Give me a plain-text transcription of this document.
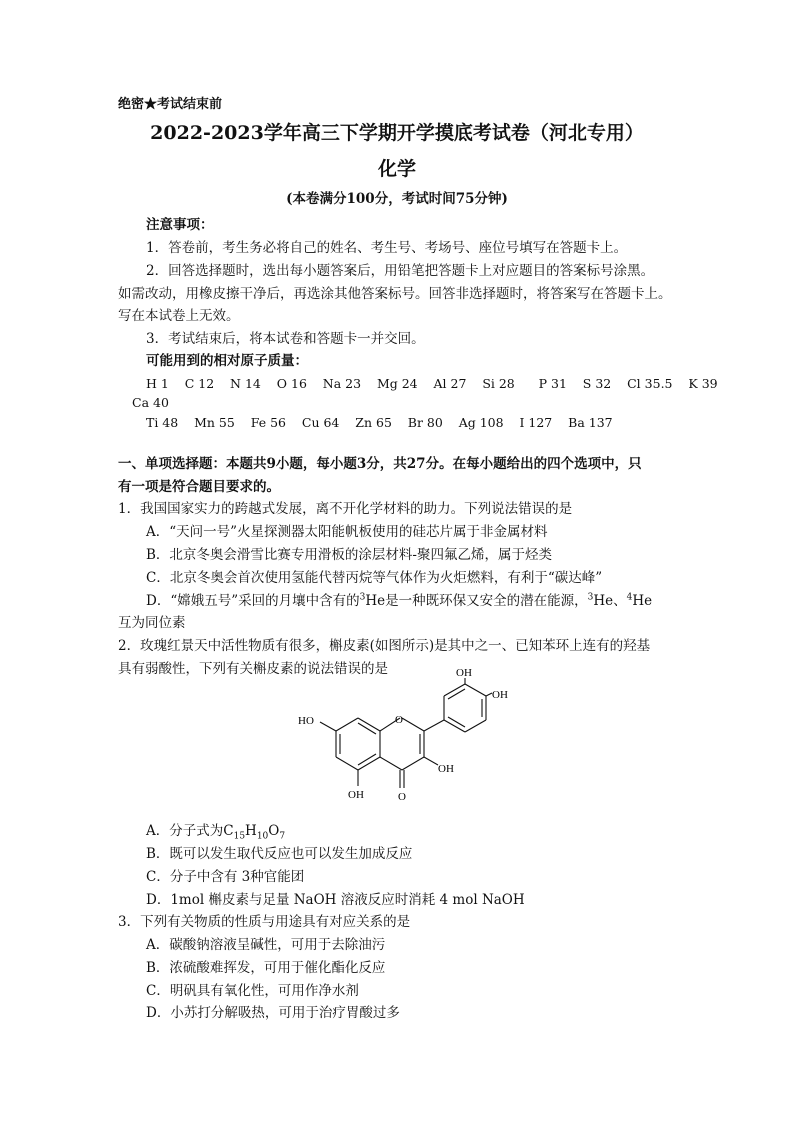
绝密★考试结束前
2022-2023学年高三下学期开学摸底考试卷（河北专用）
化学
(本卷满分100分，考试时间75分钟)
注意事项：
1．答卷前，考生务必将自己的姓名、考生号、考场号、座位号填写在答题卡上。
2．回答选择题时，选出每小题答案后，用铅笔把答题卡上对应题目的答案标号涂黑。
如需改动，用橡皮擦干净后，再选涂其他答案标号。回答非选择题时，将答案写在答题卡上。
写在本试卷上无效。
3．考试结束后，将本试卷和答题卡一并交回。
可能用到的相对原子质量：
H 1    C 12    N 14    O 16    Na 23    Mg 24    Al 27    Si 28      P 31    S 32    Cl 35.5    K 39
Ca 40
Ti 48    Mn 55    Fe 56    Cu 64    Zn 65    Br 80    Ag 108    I 127    Ba 137
一、单项选择题：本题共9小题，每小题3分，共27分。在每小题给出的四个选项中，只
有一项是符合题目要求的。
1．我国国家实力的跨越式发展，离不开化学材料的助力。下列说法错误的是
A．“天问一号”火星探测器太阳能帆板使用的硅芯片属于非金属材料
B．北京冬奥会滑雪比赛专用滑板的涂层材料-聚四氟乙烯，属于烃类
C．北京冬奥会首次使用氢能代替丙烷等气体作为火炬燃料，有利于“碳达峰”
D．“嫦娥五号”采回的月壤中含有的$^3$He是一种既环保又安全的潜在能源，$^3$He、$^4$He
互为同位素
2．玫瑰红景天中活性物质有很多，槲皮素(如图所示)是其中之一、已知苯环上连有的羟基
具有弱酸性，下列有关槲皮素的说法错误的是
O
OH
OH
HO
OH
OH	O
A．分子式为$C_{15}H_{10}O_7$
B．既可以发生取代反应也可以发生加成反应
C．分子中含有 3种官能团
D．1mol 槲皮素与足量 NaOH 溶液反应时消耗 4 mol NaOH
3．下列有关物质的性质与用途具有对应关系的是
A．碳酸钠溶液呈碱性，可用于去除油污
B．浓硫酸难挥发，可用于催化酯化反应
C．明矾具有氧化性，可用作净水剂
D．小苏打分解吸热，可用于治疗胃酸过多
